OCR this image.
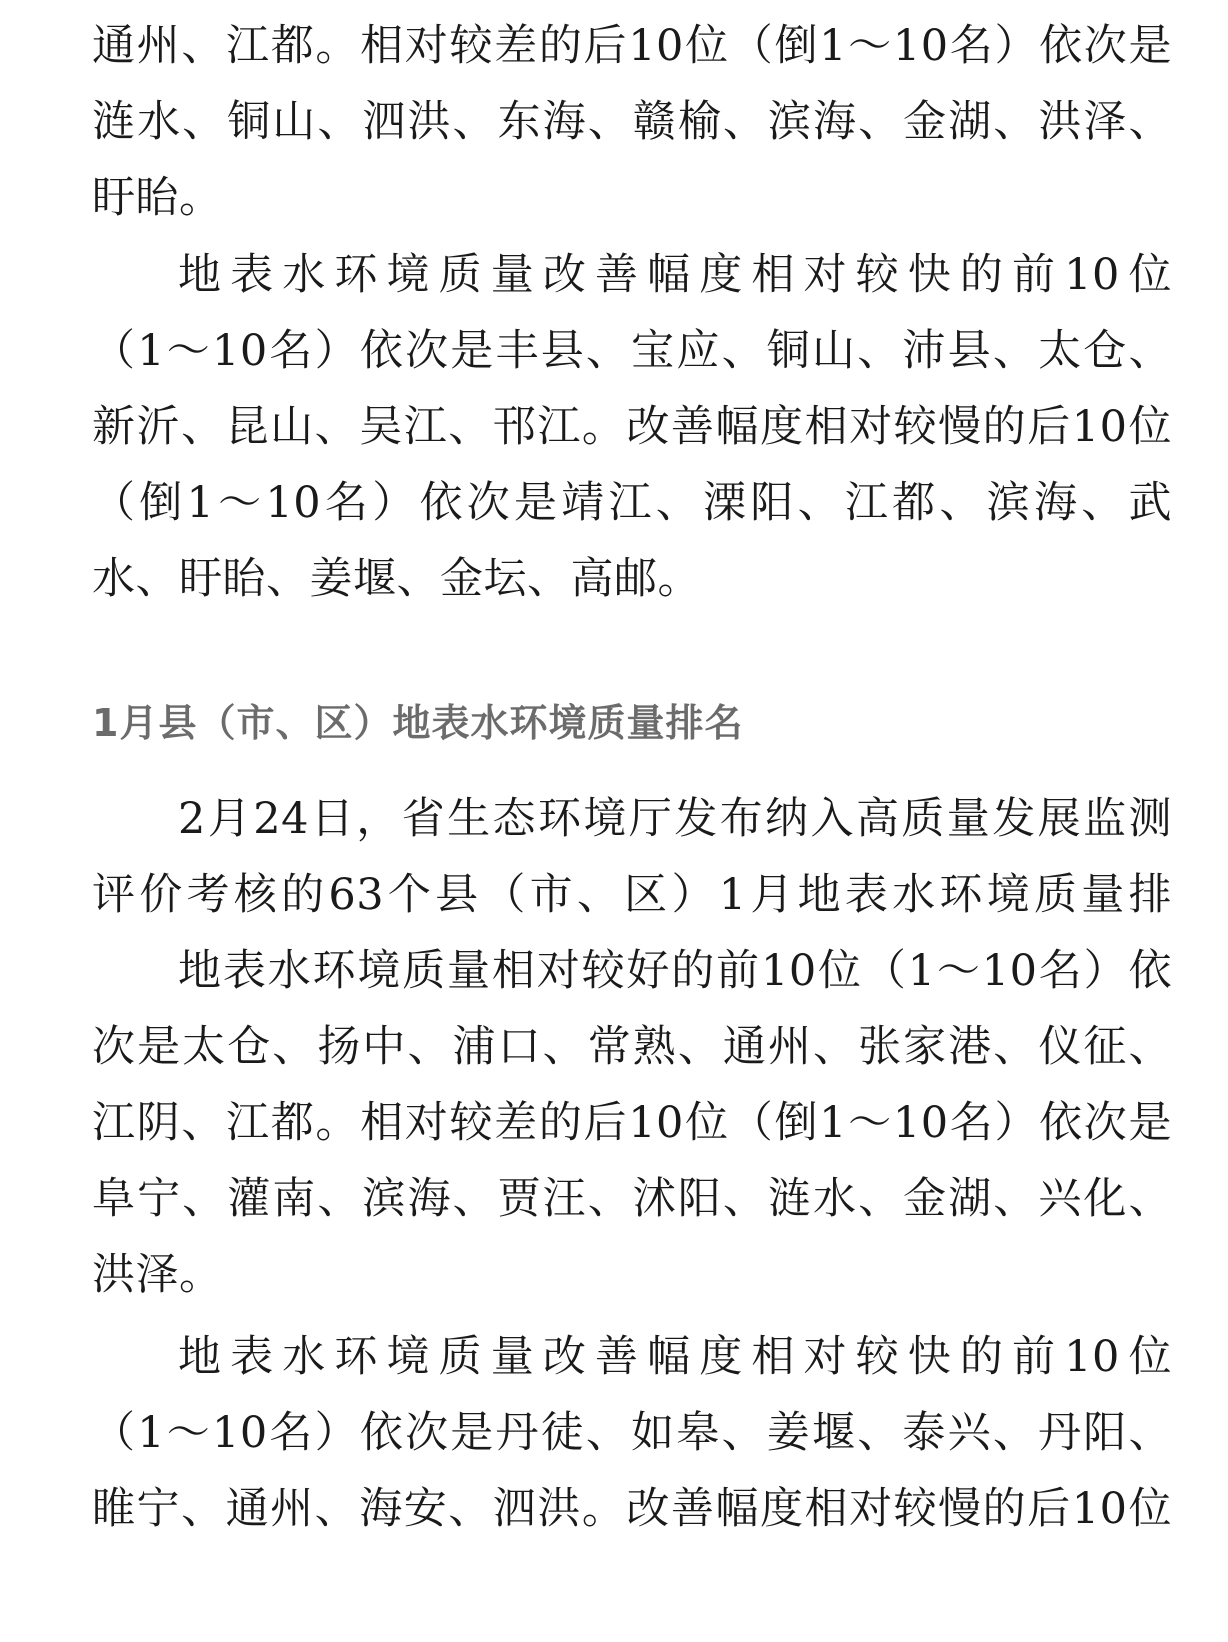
通州、江都。相对较差的后10位（倒1～10名）依次是
涟水、铜山、泗洪、东海、赣榆、滨海、金湖、洪泽、
盱眙。
地表水环境质量改善幅度相对较快的前10位
（1～10名）依次是丰县、宝应、铜山、沛县、太仓、
新沂、昆山、吴江、邗江。改善幅度相对较慢的后10位
（倒1～10名）依次是靖江、溧阳、江都、滨海、武
水、盱眙、姜堰、金坛、高邮。
1月县（市、区）地表水环境质量排名
2月24日，省生态环境厅发布纳入高质量发展监测
评价考核的63个县（市、区）1月地表水环境质量排
地表水环境质量相对较好的前10位（1～10名）依
次是太仓、扬中、浦口、常熟、通州、张家港、仪征、
江阴、江都。相对较差的后10位（倒1～10名）依次是
阜宁、灌南、滨海、贾汪、沭阳、涟水、金湖、兴化、
洪泽。
地表水环境质量改善幅度相对较快的前10位
（1～10名）依次是丹徒、如皋、姜堰、泰兴、丹阳、
睢宁、通州、海安、泗洪。改善幅度相对较慢的后10位
